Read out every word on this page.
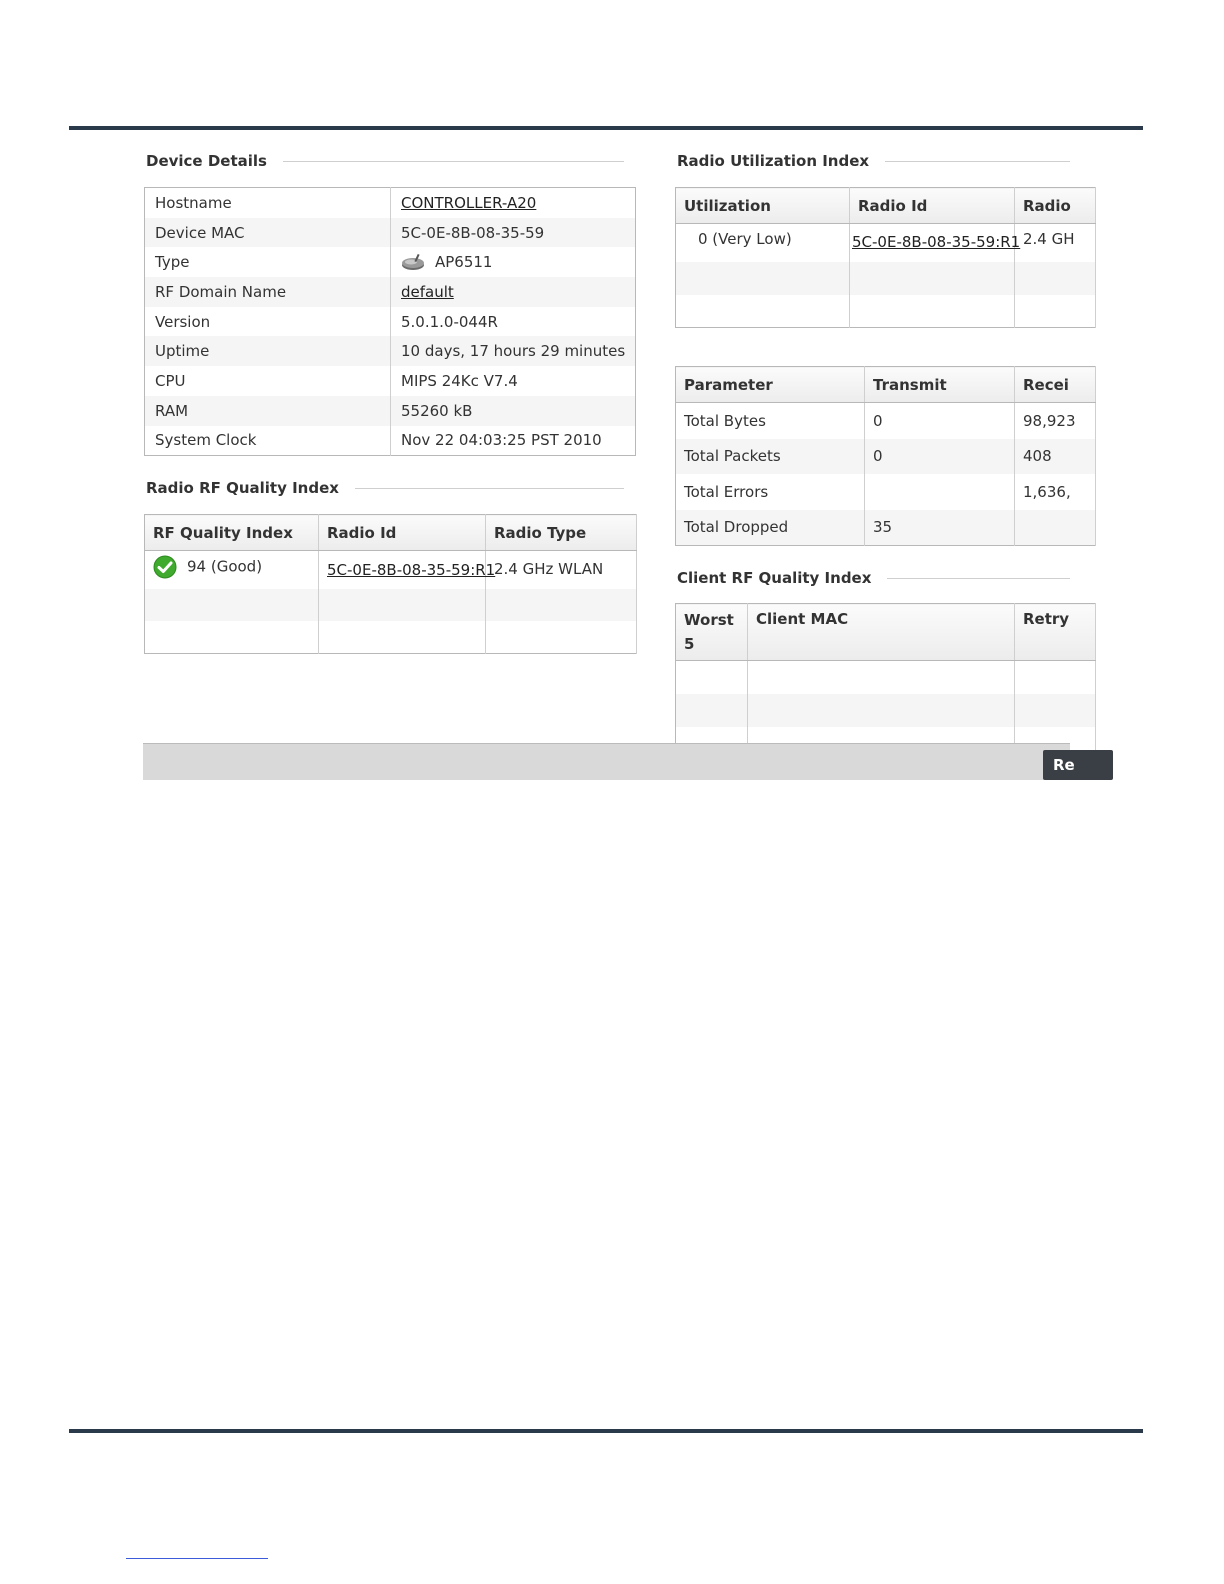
Device Details
Hostname	CONTROLLER-A20
Device MAC	5C-0E-8B-08-35-59
Type	AP6511
RF Domain Name	default
Version	5.0.1.0-044R
Uptime	10 days, 17 hours 29 minutes
CPU	MIPS 24Kc V7.4
RAM	55260 kB
System Clock	Nov 22 04:03:25 PST 2010
Radio RF Quality Index
RF Quality Index	Radio Id	Radio Type
94 (Good)	5C-0E-8B-08-35-59:R1	2.4 GHz WLAN

Radio Utilization Index
Utilization	Radio Id	Radio
0 (Very Low)	5C-0E-8B-08-35-59:R1	2.4 GH

Parameter	Transmit	Recei
Total Bytes	0	98,923
Total Packets	0	408
Total Errors		1,636,
Total Dropped	35	
Client RF Quality Index
Worst
5	Client MAC	Retry

Re
